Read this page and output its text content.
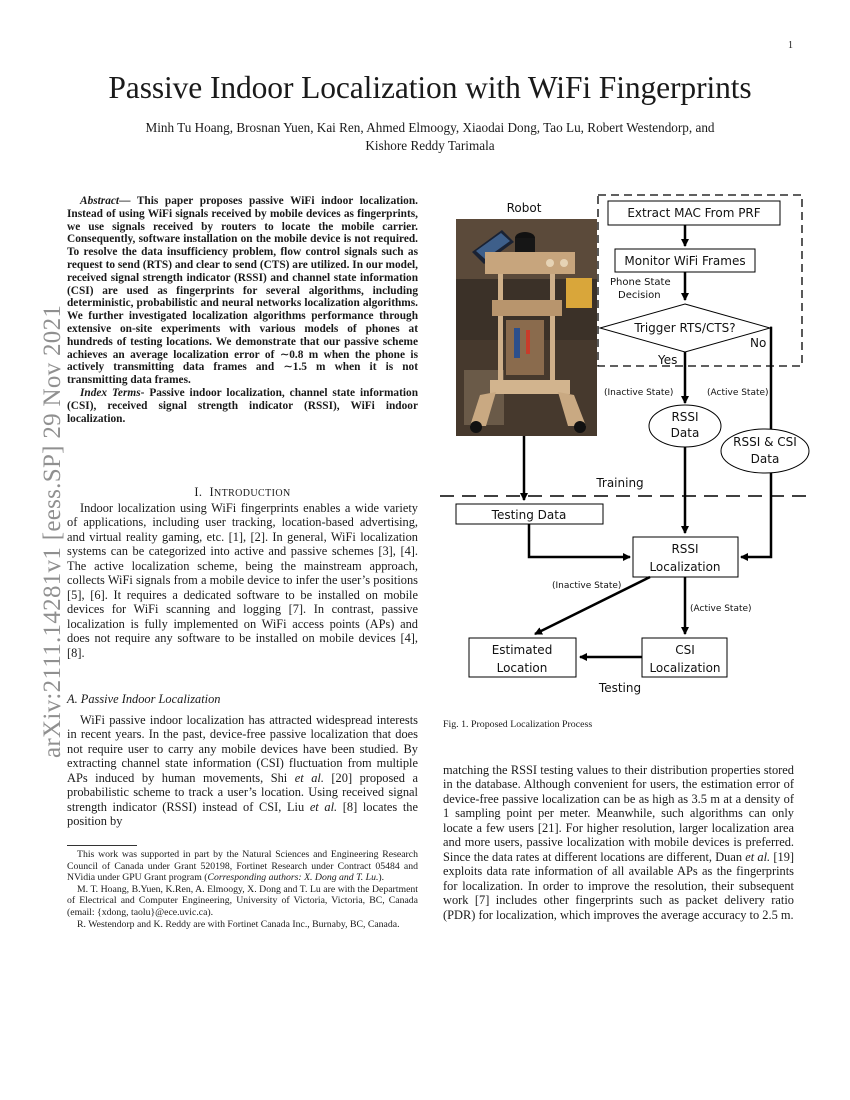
1
arXiv:2111.14281v1 [eess.SP] 29 Nov 2021
Passive Indoor Localization with WiFi Fingerprints
Minh Tu Hoang, Brosnan Yuen, Kai Ren, Ahmed Elmoogy, Xiaodai Dong, Tao Lu, Robert Westendorp, and
Kishore Reddy Tarimala

Abstract— This paper proposes passive WiFi indoor localization. Instead of using WiFi signals received by mobile devices as fingerprints, we use signals received by routers to locate the mobile carrier. Consequently, software installation on the mobile device is not required. To resolve the data insufficiency problem, flow control signals such as request to send (RTS) and clear to send (CTS) are utilized. In our model, received signal strength indicator (RSSI) and channel state information (CSI) are used as fingerprints for several algorithms, including deterministic, probabilistic and neural networks localization algorithms. We further investigated localization algorithms performance through extensive on-site experiments with various models of phones at hundreds of testing locations. We demonstrate that our passive scheme achieves an average localization error of ∼0.8 m when the phone is actively transmitting data frames and ∼1.5 m when it is not transmitting data frames.

Index Terms- Passive indoor localization, channel state information (CSI), received signal strength indicator (RSSI), WiFi indoor localization.

I. INTRODUCTION

Indoor localization using WiFi fingerprints enables a wide variety of applications, including user tracking, location-based advertising, and virtual reality gaming, etc. [1], [2]. In general, WiFi localization systems can be categorized into active and passive schemes [3], [4]. The active localization scheme, being the mainstream approach, collects WiFi signals from a mobile device to infer the user’s positions [5], [6]. It requires a dedicated software to be installed on mobile devices for WiFi scanning and logging [7]. In contrast, passive localization is fully implemented on WiFi access points (APs) and does not require any software to be installed on mobile devices [4], [8].

A. Passive Indoor Localization

WiFi passive indoor localization has attracted widespread interests in recent years. In the past, device-free passive localization that does not require user to carry any mobile devices have been studied. By extracting channel state information (CSI) fluctuation from multiple APs induced by human movements, Shi et al. [20] proposed a probabilistic scheme to track a user’s location. Using received signal strength indicator (RSSI) instead of CSI, Liu et al. [8] locates the position by

This work was supported in part by the Natural Sciences and Engineering Research Council of Canada under Grant 520198, Fortinet Research under Contract 05484 and NVidia under GPU Grant program (Corresponding authors: X. Dong and T. Lu.).

M. T. Hoang, B.Yuen, K.Ren, A. Elmoogy, X. Dong and T. Lu are with the Department of Electrical and Computer Engineering, University of Victoria, Victoria, BC, Canada (email: {xdong, taolu}@ece.uvic.ca).

R. Westendorp and K. Reddy are with Fortinet Canada Inc., Burnaby, BC, Canada.

Robot	Extract MAC From PRF
Monitor WiFi Frames
Phone State
Decision
Trigger RTS/CTS?
No
Yes
(Inactive State)	(Active State)
RSSI
Data
RSSI & CSI
Data
Training
Testing Data
RSSI
Localization
(Inactive State)
(Active State)
Estimated
Location
CSI
Localization
Testing
Fig. 1. Proposed Localization Process

matching the RSSI testing values to their distribution properties stored in the database. Although convenient for users, the estimation error of device-free passive localization can be as high as 3.5 m at a density of 1 sampling point per meter. Meanwhile, such algorithms can only locate a few users [21]. For higher resolution, larger localization area and more users, passive localization with mobile devices is preferred. Since the data rates at different locations are different, Duan et al. [19] exploits data rate information of all available APs as the fingerprints for localization. In order to improve the resolution, their subsequent work [7] includes other fingerprints such as packet delivery ratio (PDR) for localization, which improves the average accuracy to 2.5 m.
